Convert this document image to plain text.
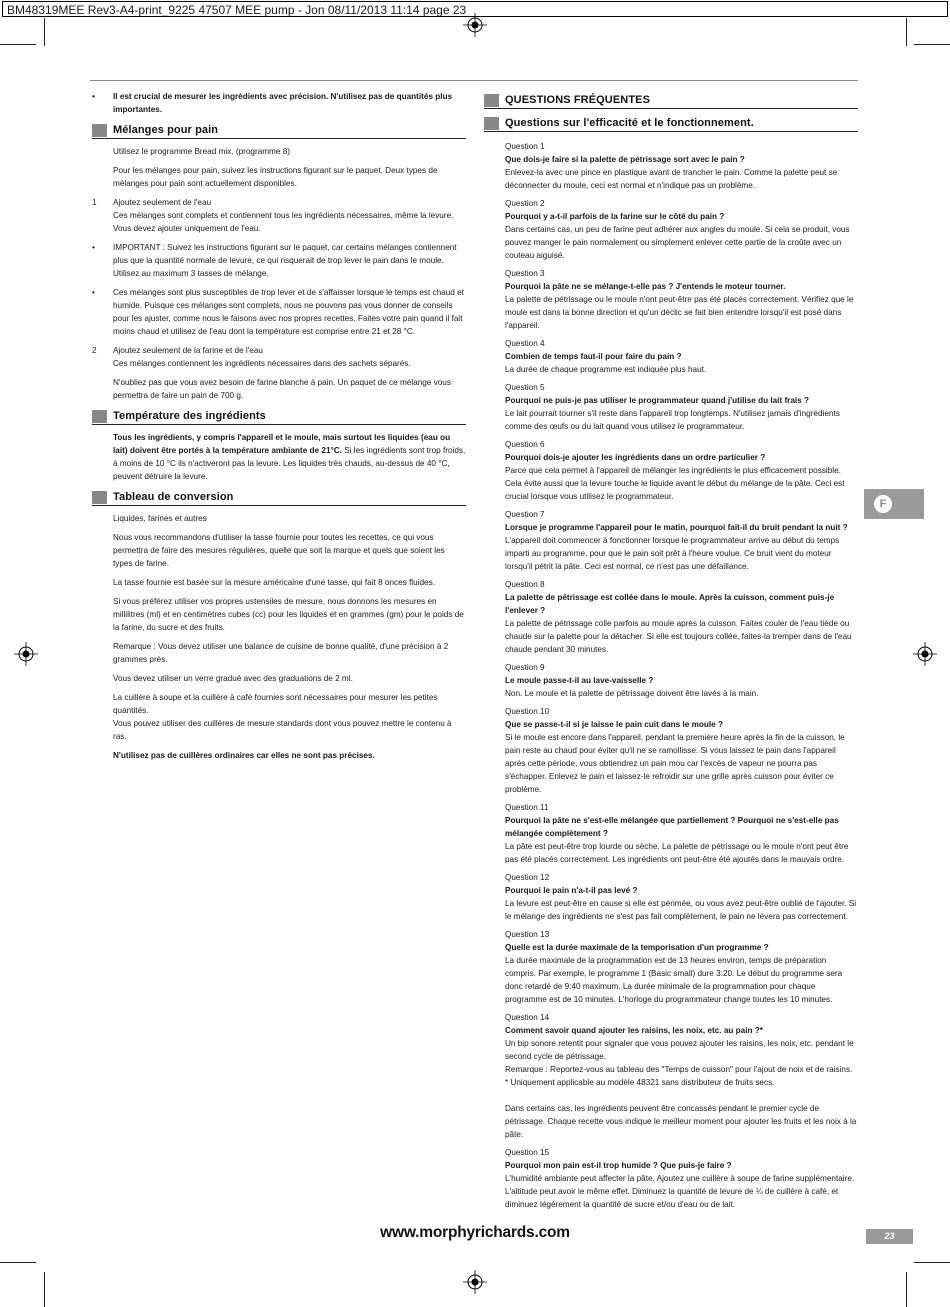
BM48319MEE Rev3-A4-print_9225 47507 MEE pump - Jon 08/11/2013 11:14 page 23
•	Il est crucial de mesurer les ingrédients avec précision. N'utilisez pas de quantités plus importantes.
Mélanges pour pain
Utilisez le programme Bread mix. (programme 8)
Pour les mélanges pour pain, suivez les instructions figurant sur le paquet. Deux types de mélanges pour pain sont actuellement disponibles.
1	Ajoutez seulement de l'eau
Ces mélanges sont complets et contiennent tous les ingrédients nécessaires, même la levure. Vous devez ajouter uniquement de l'eau.
•	IMPORTANT : Suivez les instructions figurant sur le paquet, car certains mélanges contiennent plus que la quantité normale de levure, ce qui risquerait de trop lever le pain dans le moule. Utilisez au maximum 3 tasses de mélange.
•	Ces mélanges sont plus susceptibles de trop lever et de s'affaisser lorsque le temps est chaud et humide. Puisque ces mélanges sont complets, nous ne pouvons pas vous donner de conseils pour les ajuster, comme nous le faisons avec nos propres recettes. Faites votre pain quand il fait moins chaud et utilisez de l'eau dont la température est comprise entre 21 et 28 °C.
2	Ajoutez seulement de la farine et de l'eau
Ces mélanges contiennent les ingrédients nécessaires dans des sachets séparés.
N'oubliez pas que vous avez besoin de farine blanche à pain. Un paquet de ce mélange vous permettra de faire un pain de 700 g.
Température des ingrédients
Tous les ingrédients, y compris l'appareil et le moule, mais surtout les liquides (eau ou lait) doivent être portés à la température ambiante de 21°C. Si les ingrédients sont trop froids, à moins de 10 °C ils n'activeront pas la levure. Les liquides très chauds, au-dessus de 40 °C, peuvent détruire la levure.
Tableau de conversion
Liquides, farines et autres
Nous vous recommandons d'utiliser la tasse fournie pour toutes les recettes, ce qui vous permettra de faire des mesures régulières, quelle que soit la marque et quels que soient les types de farine.
La tasse fournie est basée sur la mesure américaine d'une tasse, qui fait 8 onces fluides.
Si vous préférez utiliser vos propres ustensiles de mesure, nous donnons les mesures en millilitres (ml) et en centimètres cubes (cc) pour les liquides et en grammes (gm) pour le poids de la farine, du sucre et des fruits.
Remarque : Vous devez utiliser une balance de cuisine de bonne qualité, d'une précision à 2 grammes près.
Vous devez utiliser un verre gradué avec des graduations de 2 ml.
La cuillère à soupe et la cuillère à café fournies sont nécessaires pour mesurer les petites quantités.
Vous pouvez utiliser des cuillères de mesure standards dont vous pouvez mettre le contenu à ras.
N'utilisez pas de cuillères ordinaires car elles ne sont pas précises.
QUESTIONS FRÉQUENTES
Questions sur l'efficacité et le fonctionnement.
Question 1
Que dois-je faire si la palette de pétrissage sort avec le pain ?
Enlevez-la avec une pince en plastique avant de trancher le pain. Comme la palette peut se déconnecter du moule, ceci est normal et n'indique pas un problème.
Question 2
Pourquoi y a-t-il parfois de la farine sur le côté du pain ?
Dans certains cas, un peu de farine peut adhérer aux angles du moule. Si cela se produit, vous pouvez manger le pain normalement ou simplement enlever cette partie de la croûte avec un couteau aiguisé.
Question 3
Pourquoi la pâte ne se mélange-t-elle pas ? J'entends le moteur tourner.
La palette de pétrissage ou le moule n'ont peut-être pas été placés correctement. Vérifiez que le moule est dans la bonne direction et qu'un déclic se fait bien entendre lorsqu'il est posé dans l'appareil.
Question 4
Combien de temps faut-il pour faire du pain ?
La durée de chaque programme est indiquée plus haut.
Question 5
Pourquoi ne puis-je pas utiliser le programmateur quand j'utilise du lait frais ?
Le lait pourrait tourner s'il reste dans l'appareil trop longtemps. N'utilisez jamais d'ingrédients comme des œufs ou du lait quand vous utilisez le programmateur.
Question 6
Pourquoi dois-je ajouter les ingrédients dans un ordre particulier ?
Parce que cela permet à l'appareil de mélanger les ingrédients le plus efficacement possible. Cela évite aussi que la levure touche le liquide avant le début du mélange de la pâte. Ceci est crucial lorsque vous utilisez le programmateur.
Question 7
Lorsque je programme l'appareil pour le matin, pourquoi fait-il du bruit pendant la nuit ?
L'appareil doit commencer à fonctionner lorsque le programmateur arrive au début du temps imparti au programme, pour que le pain soit prêt à l'heure voulue. Ce bruit vient du moteur lorsqu'il pétrit la pâte. Ceci est normal, ce n'est pas une défaillance.
Question 8
La palette de pétrissage est collée dans le moule. Après la cuisson, comment puis-je l'enlever ?
La palette de pétrissage colle parfois au moule après la cuisson. Faites couler de l'eau tiède ou chaude sur la palette pour la détacher. Si elle est toujours collée, faites-la tremper dans de l'eau chaude pendant 30 minutes.
Question 9
Le moule passe-t-il au lave-vaisselle ?
Non. Le moule et la palette de pétrissage doivent être lavés à la main.
Question 10
Que se passe-t-il si je laisse le pain cuit dans le moule ?
Si le moule est encore dans l'appareil, pendant la première heure après la fin de la cuisson, le pain reste au chaud pour éviter qu'il ne se ramollisse. Si vous laissez le pain dans l'appareil après cette période, vous obtiendrez un pain mou car l'excès de vapeur ne pourra pas s'échapper. Enlevez le pain et laissez-le refroidir sur une grille après cuisson pour éviter ce problème.
Question 11
Pourquoi la pâte ne s'est-elle mélangée que partiellement ? Pourquoi ne s'est-elle pas mélangée complètement ?
La pâte est peut-être trop lourde ou sèche. La palette de pétrissage ou le moule n'ont peut être pas été placés correctement. Les ingrédients ont peut-être été ajoutés dans le mauvais ordre.
Question 12
Pourquoi le pain n'a-t-il pas levé ?
La levure est peut-être en cause si elle est périmée, ou vous avez peut-être oublié de l'ajouter. Si le mélange des ingrédients ne s'est pas fait complètement, le pain ne lèvera pas correctement.
Question 13
Quelle est la durée maximale de la temporisation d'un programme ?
La durée maximale de la programmation est de 13 heures environ, temps de préparation compris. Par exemple, le programme 1 (Basic small) dure 3:20. Le début du programme sera donc retardé de 9:40 maximum. La durée minimale de la programmation pour chaque programme est de 10 minutes. L'horloge du programmateur change toutes les 10 minutes.
Question 14
Comment savoir quand ajouter les raisins, les noix, etc. au pain ?*
Un bip sonore retentit pour signaler que vous pouvez ajouter les raisins, les noix, etc. pendant le second cycle de pétrissage.
Remarque : Reportez-vous au tableau des "Temps de cuisson" pour l'ajout de noix et de raisins.
* Uniquement applicable au modèle 48321 sans distributeur de fruits secs.

Dans certains cas, les ingrédients peuvent être concassés pendant le premier cycle de pétrissage. Chaque recette vous indique le meilleur moment pour ajouter les fruits et les noix à la pâte.
Question 15
Pourquoi mon pain est-il trop humide ? Que puis-je faire ?
L'humidité ambiante peut affecter la pâte. Ajoutez une cuillère à soupe de farine supplémentaire. L'altitude peut avoir le même effet. Diminuez la quantité de levure de ¼ de cuillère à café, et diminuez légèrement la quantité de sucre et/ou d'eau ou de lait.
F
www.morphyrichards.com	23
